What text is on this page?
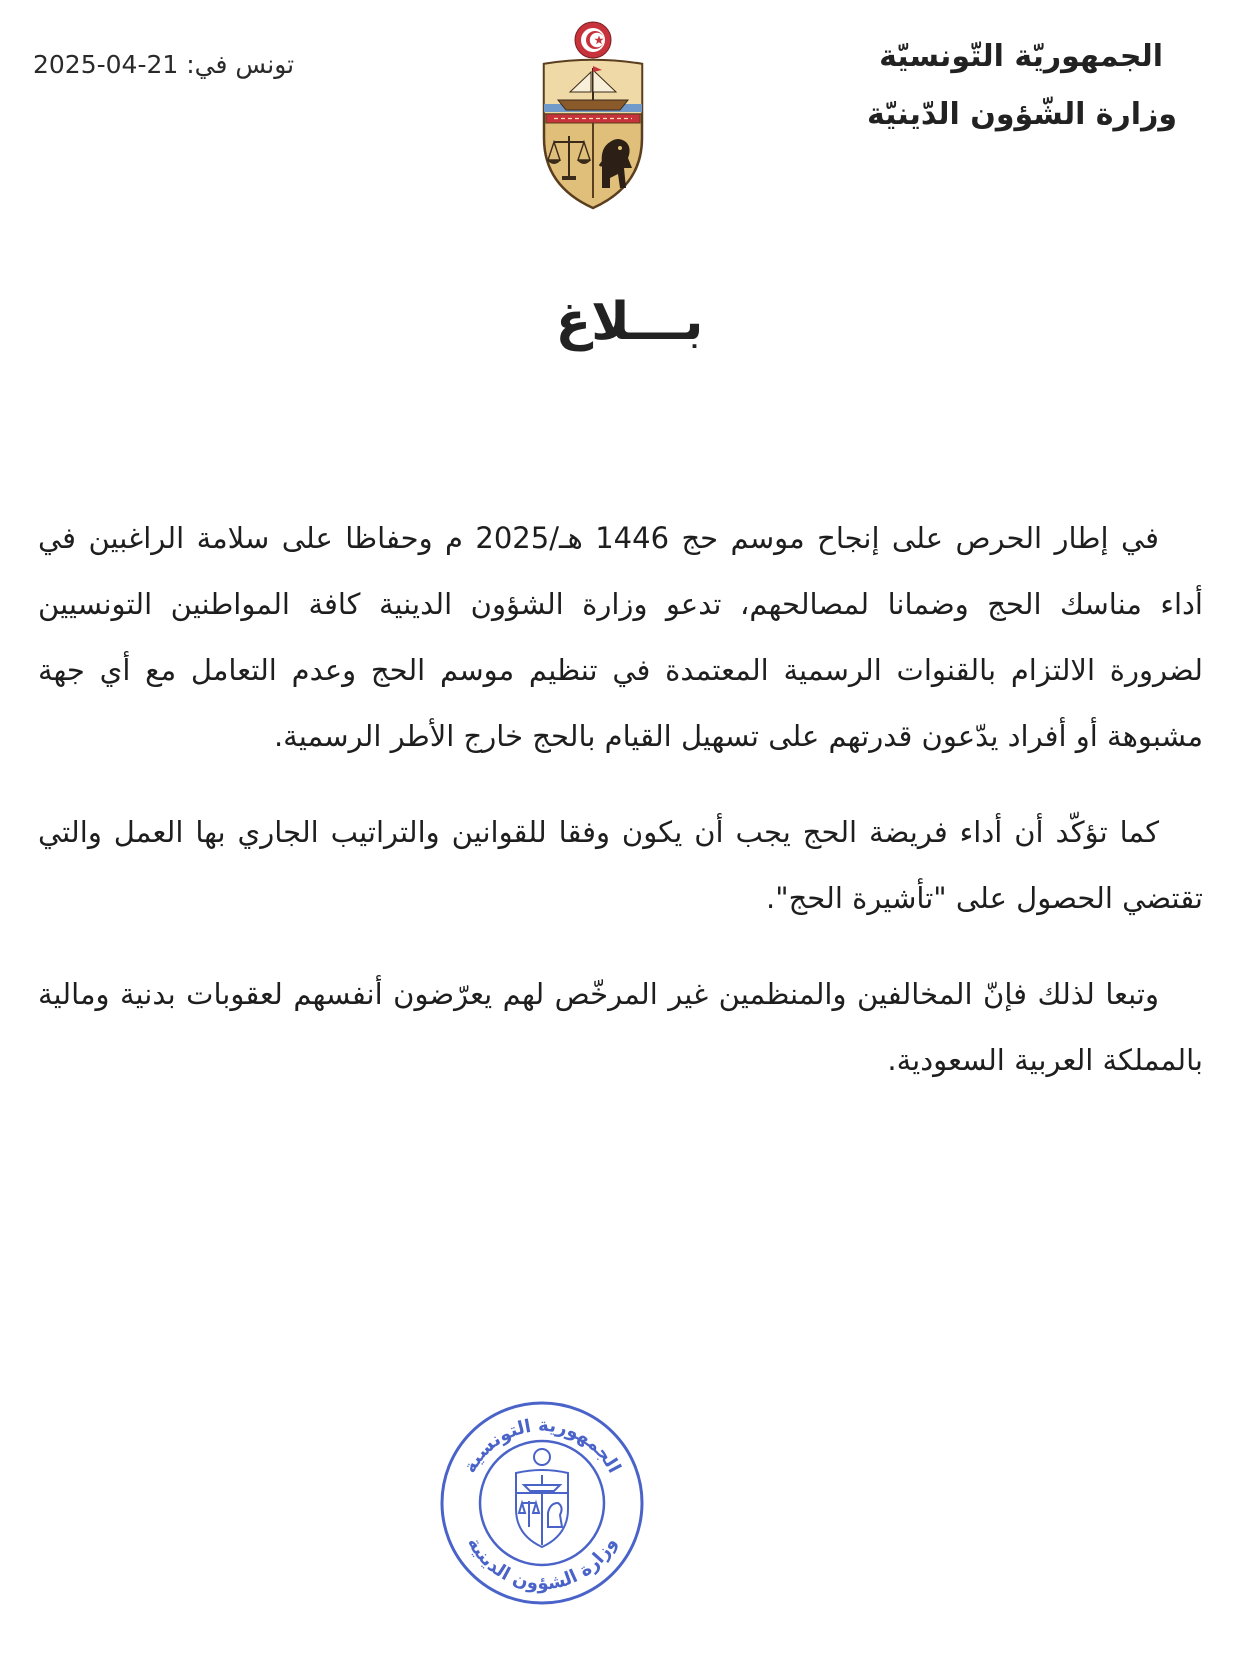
الجمهوريّة التّونسيّة
وزارة الشّؤون الدّينيّة
تونس في: 21-04-2025
بـــلاغ

في إطار الحرص على إنجاح موسم حج 1446 هـ/2025 م وحفاظا على سلامة الراغبين في أداء مناسك الحج وضمانا لمصالحهم، تدعو وزارة الشؤون الدينية كافة المواطنين التونسيين لضرورة الالتزام بالقنوات الرسمية المعتمدة في تنظيم موسم الحج وعدم التعامل مع أي جهة مشبوهة أو أفراد يدّعون قدرتهم على تسهيل القيام بالحج خارج الأطر الرسمية.

كما تؤكّد أن أداء فريضة الحج يجب أن يكون وفقا للقوانين والتراتيب الجاري بها العمل والتي تقتضي الحصول على "تأشيرة الحج".

وتبعا لذلك فإنّ المخالفين والمنظمين غير المرخّص لهم يعرّضون أنفسهم لعقوبات بدنية ومالية بالمملكة العربية السعودية.

الجمهورية التونسية
وزارة الشؤون الدينية
